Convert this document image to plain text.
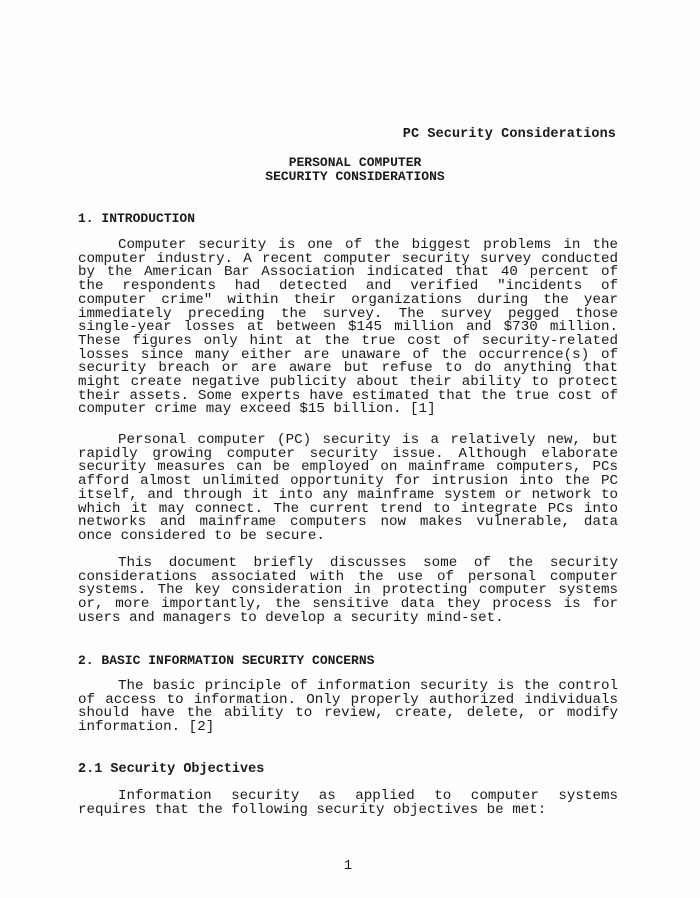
PC Security Considerations
PERSONAL COMPUTER
SECURITY CONSIDERATIONS
1. INTRODUCTION

Computer security is one of the biggest problems in the computer industry. A recent computer security survey conducted by the American Bar Association indicated that 40 percent of the respondents had detected and verified "incidents of computer crime" within their organizations during the year immediately preceding the survey. The survey pegged those single-year losses at between $145 million and $730 million. These figures only hint at the true cost of security-related losses since many either are unaware of the occurrence(s) of security breach or are aware but refuse to do anything that might create negative publicity about their ability to protect their assets. Some experts have estimated that the true cost of computer crime may exceed $15 billion. [1]

Personal computer (PC) security is a relatively new, but rapidly growing computer security issue. Although elaborate security measures can be employed on mainframe computers, PCs afford almost unlimited opportunity for intrusion into the PC itself, and through it into any mainframe system or network to which it may connect. The current trend to integrate PCs into networks and mainframe computers now makes vulnerable, data once considered to be secure.

This document briefly discusses some of the security considerations associated with the use of personal computer systems. The key consideration in protecting computer systems or, more importantly, the sensitive data they process is for users and managers to develop a security mind-set.

2. BASIC INFORMATION SECURITY CONCERNS

The basic principle of information security is the control of access to information. Only properly authorized individuals should have the ability to review, create, delete, or modify information. [2]

2.1 Security Objectives

Information security as applied to computer systems requires that the following security objectives be met:

1
